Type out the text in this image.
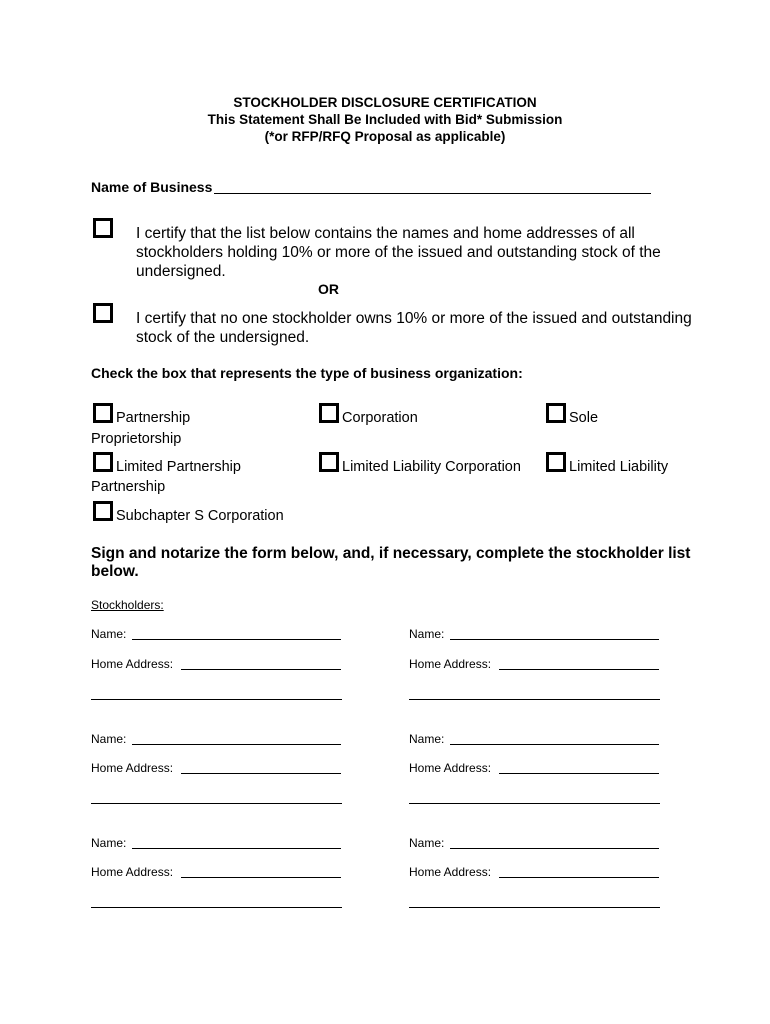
STOCKHOLDER DISCLOSURE CERTIFICATION
This Statement Shall Be Included with Bid* Submission
(*or RFP/RFQ Proposal as applicable)
Name of Business
I certify that the list below contains the names and home addresses of all
stockholders holding 10% or more of the issued and outstanding stock of the
undersigned.
OR
I certify that no one stockholder owns 10% or more of the issued and outstanding
stock of the undersigned.
Check the box that represents the type of business organization:
Partnership	Corporation	Sole
Proprietorship
Limited Partnership	Limited Liability Corporation	Limited Liability
Partnership
Subchapter S Corporation
Sign and notarize the form below, and, if necessary, complete the stockholder list
below.
Stockholders:
Name:
Home Address:
Name:
Home Address:
Name:
Home Address:
Name:
Home Address:
Name:
Home Address:
Name:
Home Address:
